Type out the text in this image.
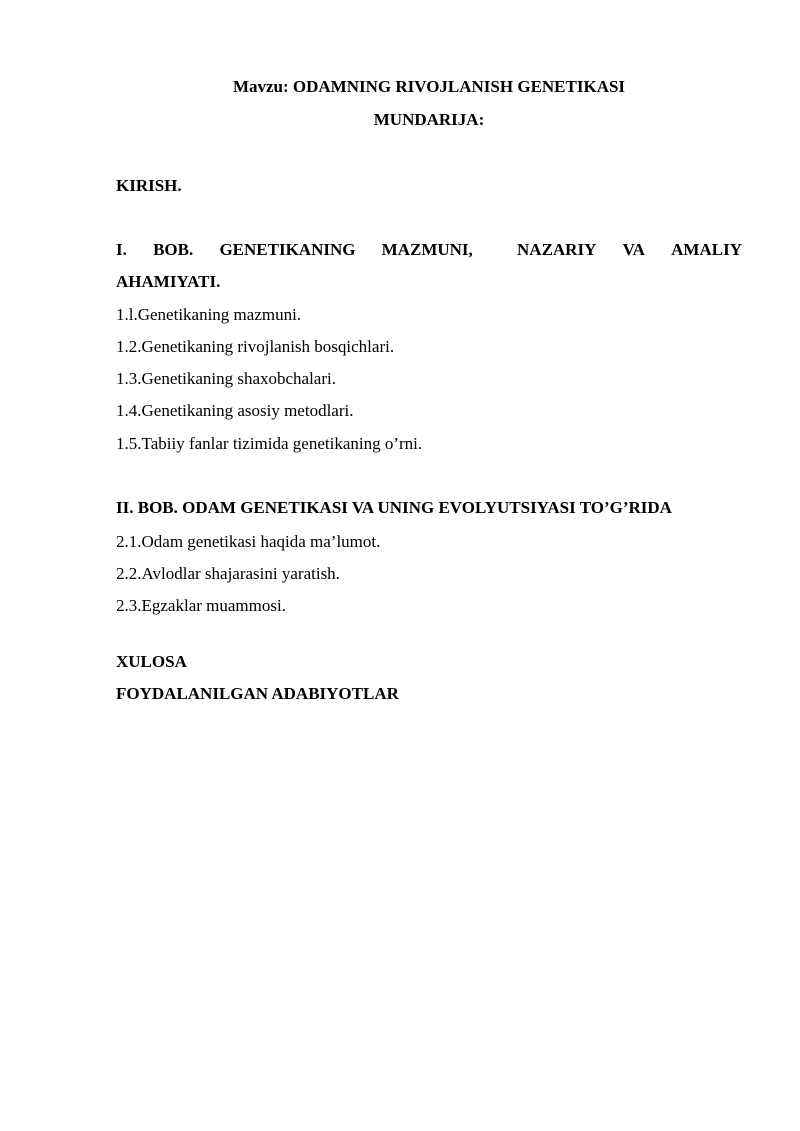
Mavzu: ODAMNING RIVOJLANISH GENETIKASI
MUNDARIJA:
KIRISH.
I. BOB. GENETIKANING MAZMUNI,	NAZARIY VA AMALIY
AHAMIYATI.
1.l.Genetikaning mazmuni.
1.2.Genetikaning rivojlanish bosqichlari.
1.3.Genetikaning shaxobchalari.
1.4.Genetikaning asosiy metodlari.
1.5.Tabiiy fanlar tizimida genetikaning o’rni.
II. BOB. ODAM GENETIKASI VA UNING EVOLYUTSIYASI TO’G’RIDA
2.1.Odam genetikasi haqida ma’lumot.
2.2.Avlodlar shajarasini yaratish.
2.3.Egzaklar muammosi.
XULOSA
FOYDALANILGAN ADABIYOTLAR
